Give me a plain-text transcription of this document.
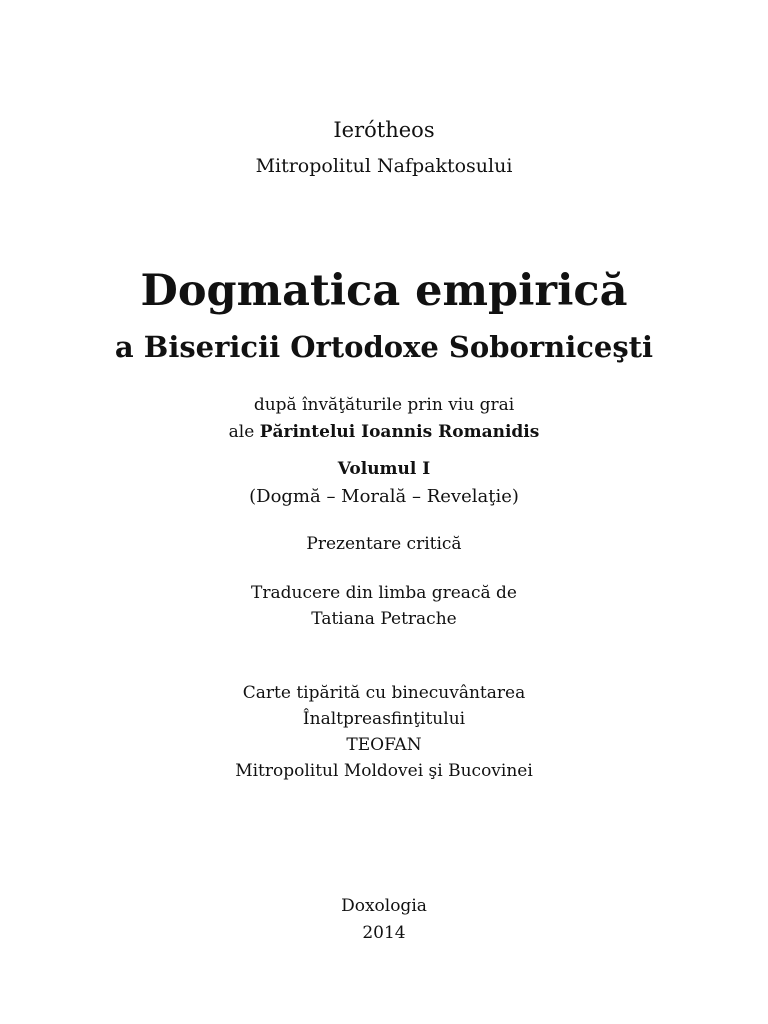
Ierótheos
Mitropolitul Nafpaktosului
Dogmatica empirică
a Bisericii Ortodoxe Soborniceşti
după învăţăturile prin viu grai
ale Părintelui Ioannis Romanidis
Volumul I
(Dogmă – Morală – Revelaţie)
Prezentare critică
Traducere din limba greacă de
Tatiana Petrache
Carte tipărită cu binecuvântarea
Înaltpreasfinţitului
TEOFAN
Mitropolitul Moldovei şi Bucovinei
Doxologia
2014
